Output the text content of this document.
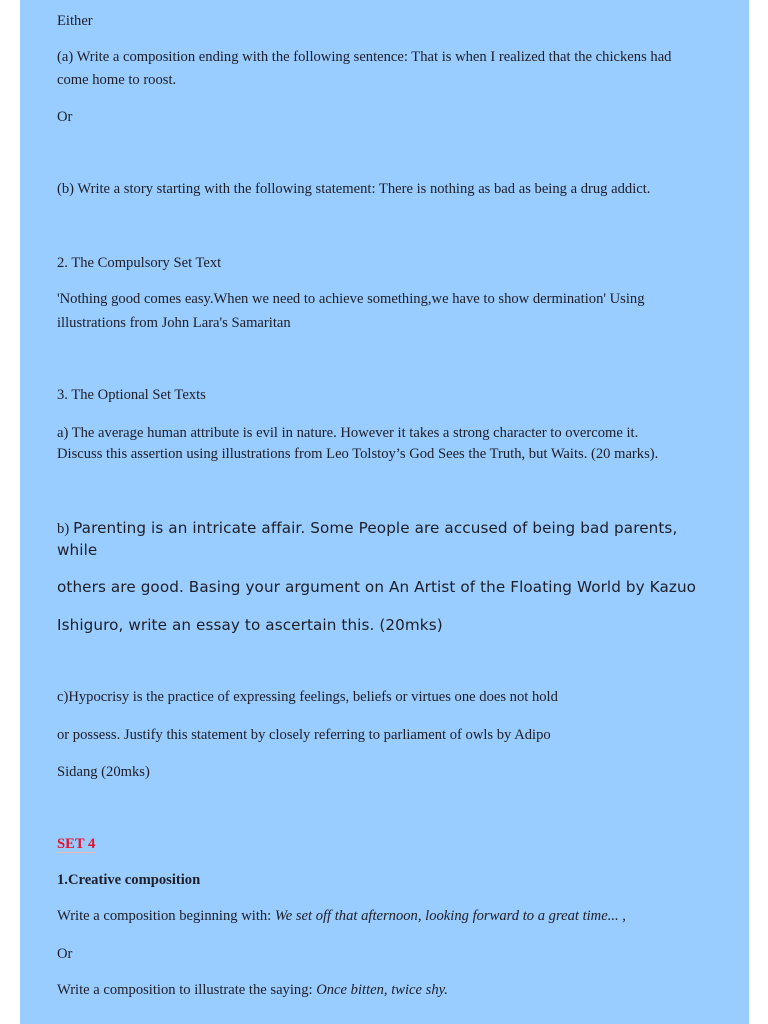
Either

(a) Write a composition ending with the following sentence: That is when I realized that the chickens had

come home to roost.

Or

(b) Write a story starting with the following statement: There is nothing as bad as being a drug addict.

2. The Compulsory Set Text

'Nothing good comes easy.When we need to achieve something,we have to show dermination' Using

illustrations from John Lara's Samaritan

3. The Optional Set Texts

a) The average human attribute is evil in nature. However it takes a strong character to overcome it.

Discuss this assertion using illustrations from Leo Tolstoy’s God Sees the Truth, but Waits. (20 marks).

b) Parenting is an intricate affair. Some People are accused of being bad parents,

while

others are good. Basing your argument on An Artist of the Floating World by Kazuo

Ishiguro, write an essay to ascertain this. (20mks)

c)Hypocrisy is the practice of expressing feelings, beliefs or virtues one does not hold

or possess. Justify this statement by closely referring to parliament of owls by Adipo

Sidang (20mks)

SET 4

1.Creative composition

Write a composition beginning with: We set off that afternoon, looking forward to a great time... ,

Or

Write a composition to illustrate the saying: Once bitten, twice shy.
